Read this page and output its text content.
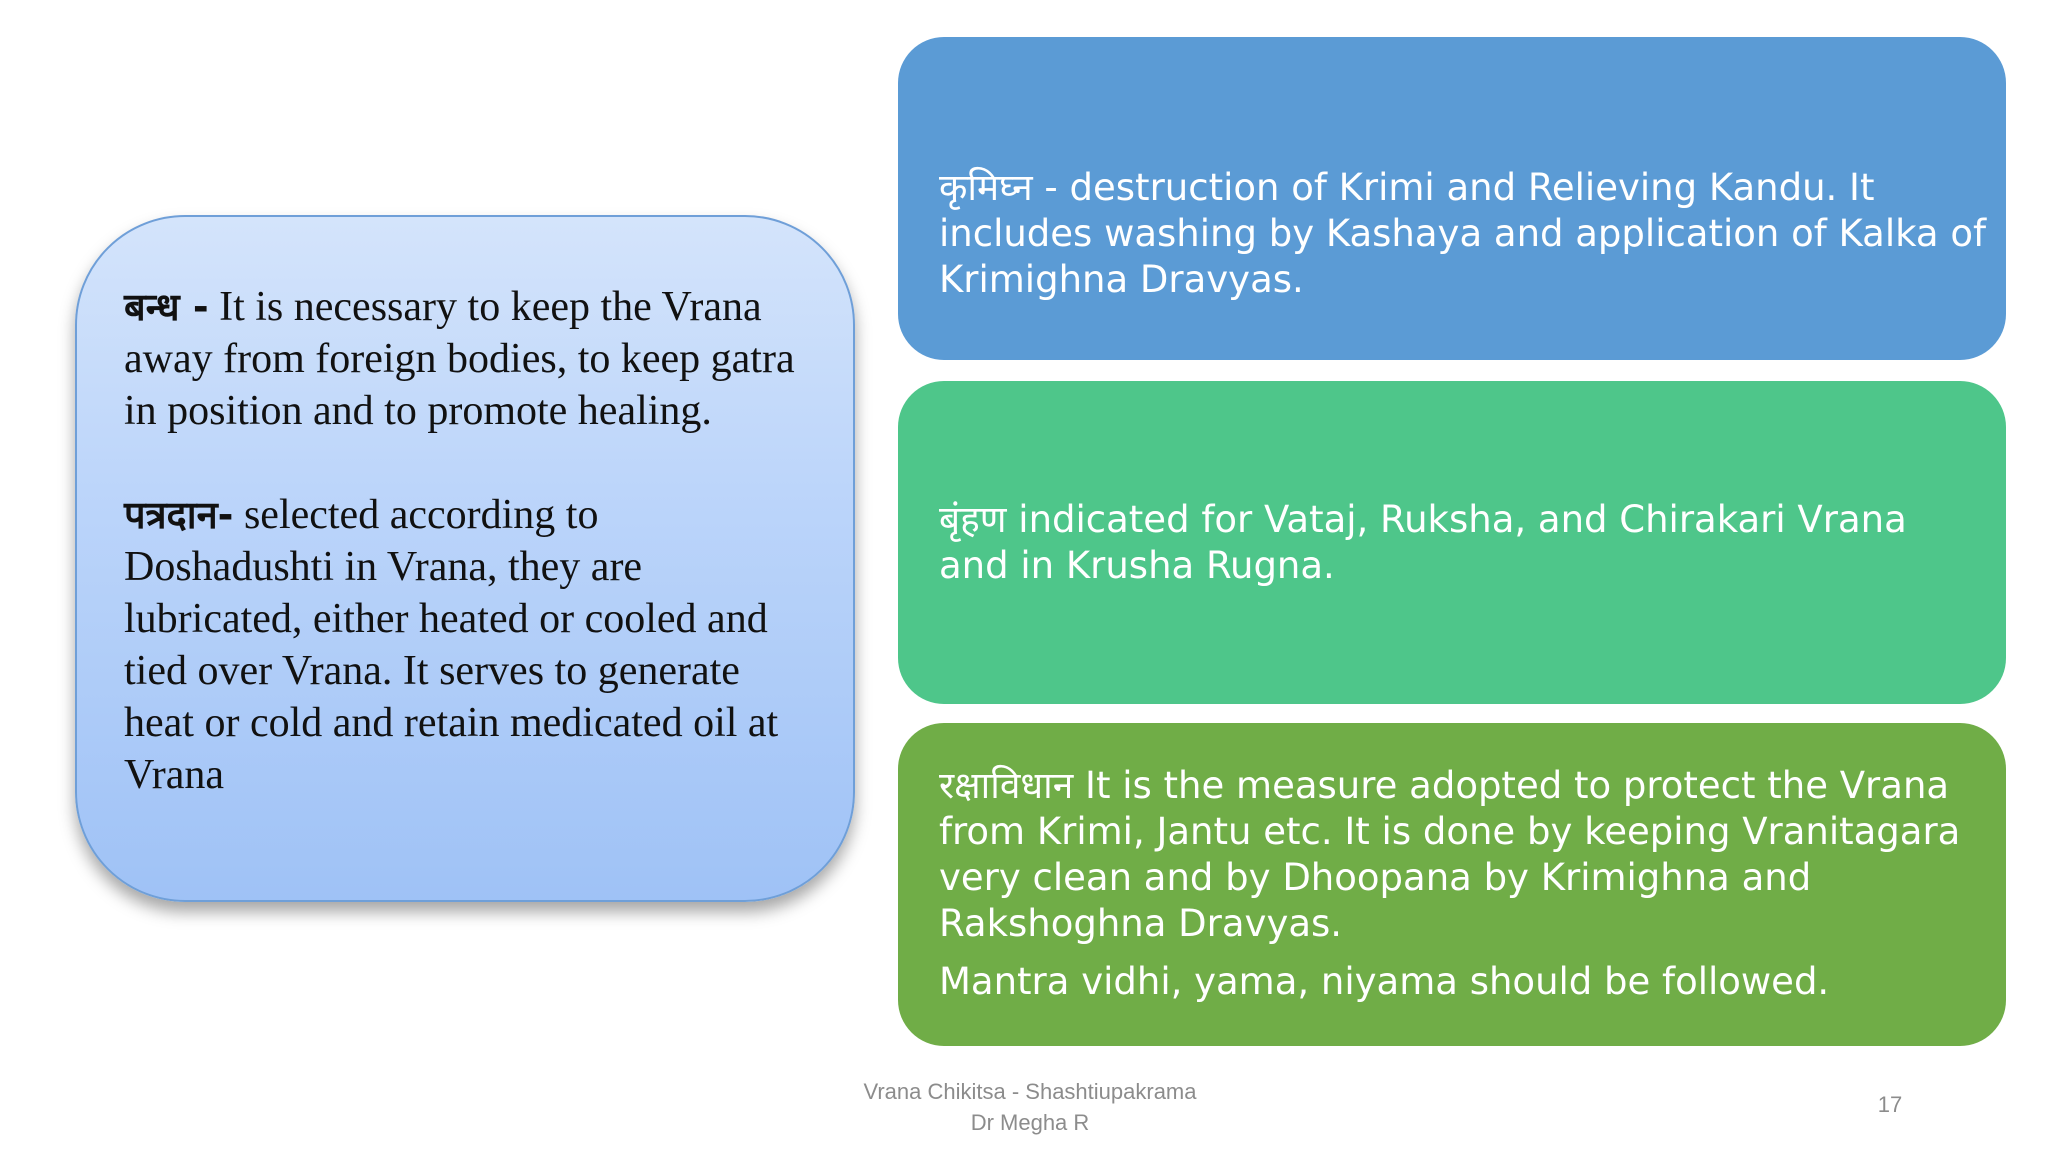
बन्ध - It is necessary to keep the Vrana away from foreign bodies, to keep gatra in position and to promote healing.

पत्रदान- selected according to Doshadushti in Vrana, they are lubricated, either heated or cooled and tied over Vrana. It serves to generate heat or cold and retain medicated oil at Vrana

कृमिघ्न - destruction of Krimi and Relieving Kandu. It includes washing by Kashaya and application of Kalka of Krimighna Dravyas.

बृंहण indicated for Vataj, Ruksha, and Chirakari Vrana and in Krusha Rugna.

रक्षाविधान It is the measure adopted to protect the Vrana from Krimi, Jantu etc. It is done by keeping Vranitagara very clean and by Dhoopana by Krimighna and Rakshoghna Dravyas.

Mantra vidhi, yama, niyama should be followed.

Vrana Chikitsa - Shashtiupakrama
Dr Megha R
17
